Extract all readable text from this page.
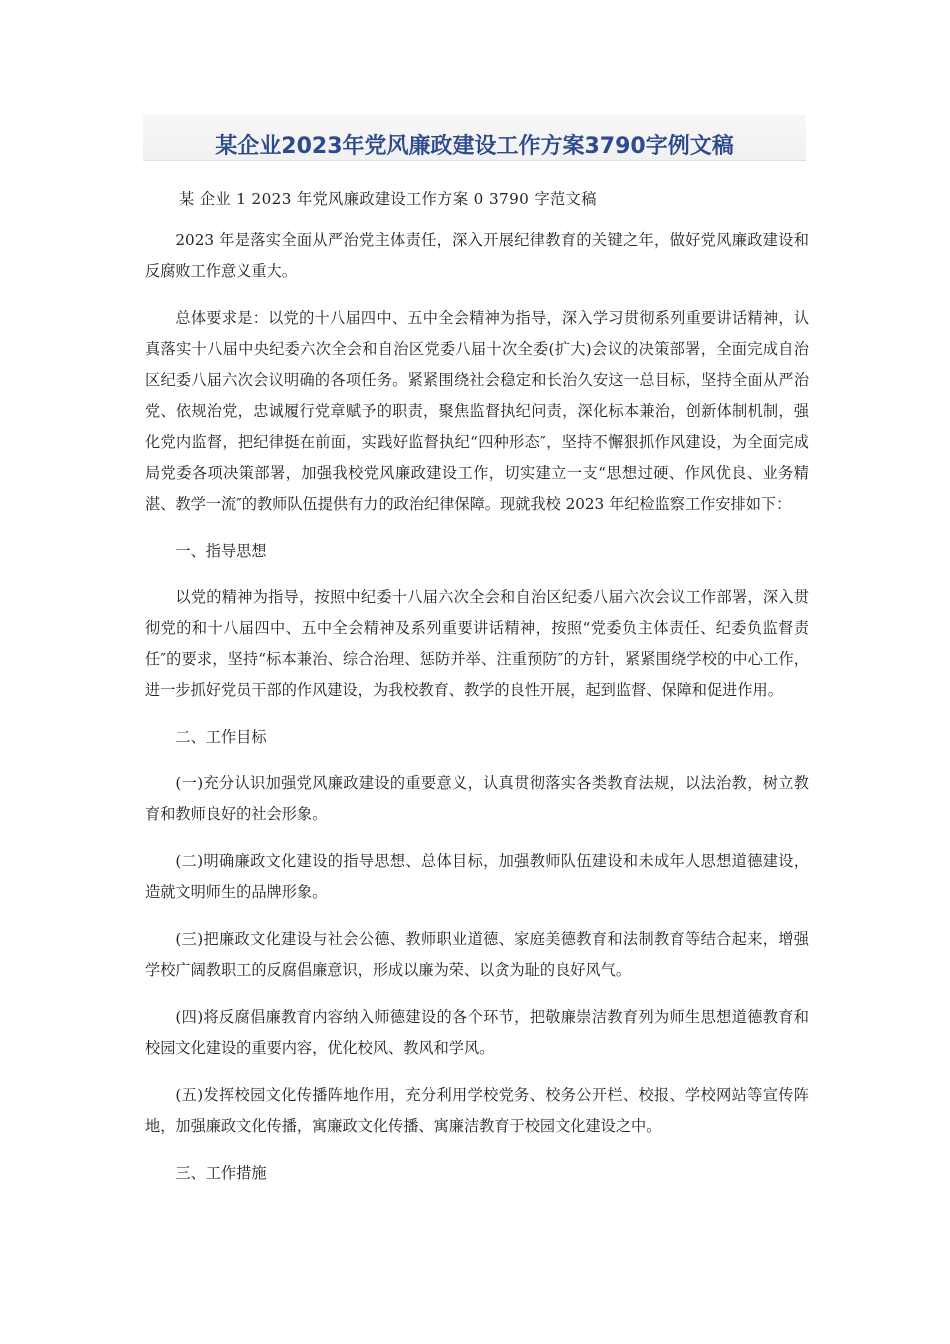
某企业2023年党风廉政建设工作方案3790字例文稿

某 企业 1 2023 年党风廉政建设工作方案 0 3790 字范文稿

2023 年是落实全面从严治党主体责任，深入开展纪律教育的关键之年，做好党风廉政建设和反腐败工作意义重大。

总体要求是：以党的十八届四中、五中全会精神为指导，深入学习贯彻系列重要讲话精神，认真落实十八届中央纪委六次全会和自治区党委八届十次全委(扩大)会议的决策部署，全面完成自治区纪委八届六次会议明确的各项任务。紧紧围绕社会稳定和长治久安这一总目标，坚持全面从严治党、依规治党，忠诚履行党章赋予的职责，聚焦监督执纪问责，深化标本兼治，创新体制机制，强化党内监督，把纪律挺在前面，实践好监督执纪“四种形态″，坚持不懈狠抓作风建设，为全面完成局党委各项决策部署，加强我校党风廉政建设工作，切实建立一支“思想过硬、作风优良、业务精湛、教学一流″的教师队伍提供有力的政治纪律保障。现就我校 2023 年纪检监察工作安排如下：

一、指导思想

以党的精神为指导，按照中纪委十八届六次全会和自治区纪委八届六次会议工作部署，深入贯彻党的和十八届四中、五中全会精神及系列重要讲话精神，按照“党委负主体责任、纪委负监督责任″的要求，坚持“标本兼治、综合治理、惩防并举、注重预防″的方针，紧紧围绕学校的中心工作，进一步抓好党员干部的作风建设，为我校教育、教学的良性开展，起到监督、保障和促进作用。

二、工作目标

(一)充分认识加强党风廉政建设的重要意义，认真贯彻落实各类教育法规，以法治教，树立教育和教师良好的社会形象。

(二)明确廉政文化建设的指导思想、总体目标，加强教师队伍建设和未成年人思想道德建设，造就文明师生的品牌形象。

(三)把廉政文化建设与社会公德、教师职业道德、家庭美德教育和法制教育等结合起来，增强学校广阔教职工的反腐倡廉意识，形成以廉为荣、以贪为耻的良好风气。

(四)将反腐倡廉教育内容纳入师德建设的各个环节，把敬廉崇洁教育列为师生思想道德教育和校园文化建设的重要内容，优化校风、教风和学风。

(五)发挥校园文化传播阵地作用，充分利用学校党务、校务公开栏、校报、学校网站等宣传阵地，加强廉政文化传播，寓廉政文化传播、寓廉洁教育于校园文化建设之中。

三、工作措施
